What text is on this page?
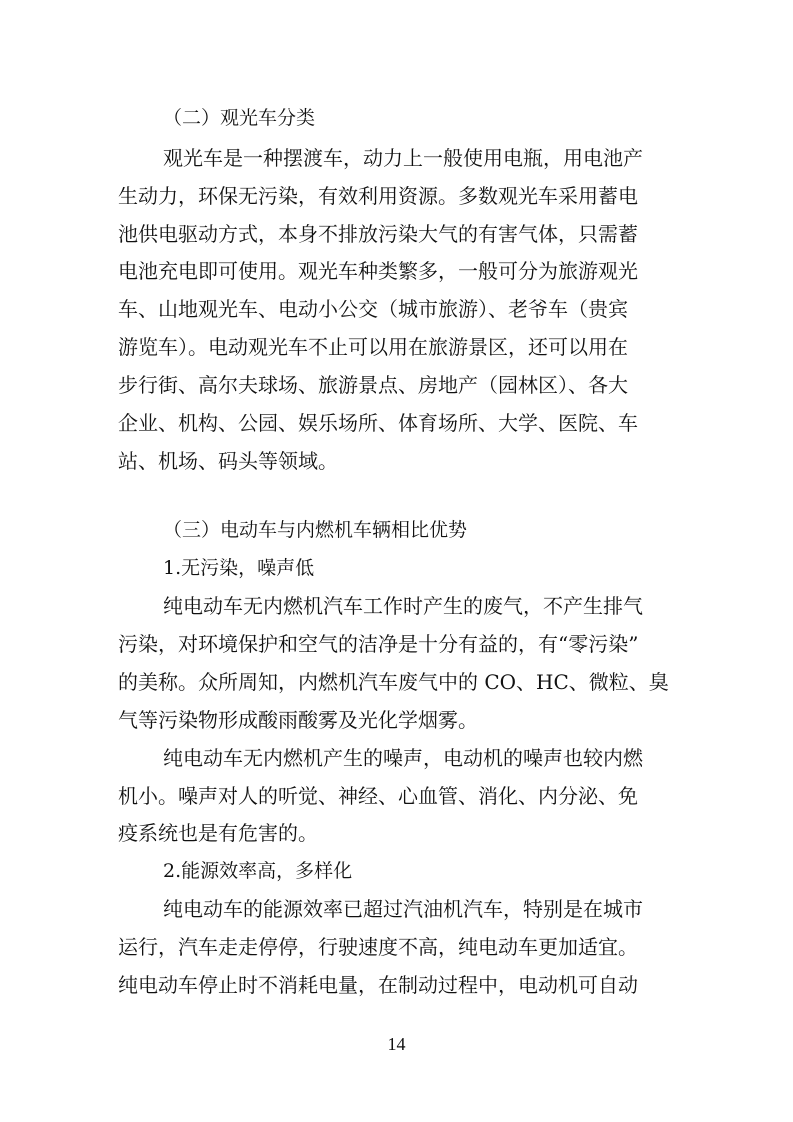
（二）观光车分类
观光车是一种摆渡车，动力上一般使用电瓶，用电池产
生动力，环保无污染，有效利用资源。多数观光车采用蓄电
池供电驱动方式，本身不排放污染大气的有害气体，只需蓄
电池充电即可使用。观光车种类繁多，一般可分为旅游观光
车、山地观光车、电动小公交（城市旅游）、老爷车（贵宾
游览车）。电动观光车不止可以用在旅游景区，还可以用在
步行街、高尔夫球场、旅游景点、房地产（园林区）、各大
企业、机构、公园、娱乐场所、体育场所、大学、医院、车
站、机场、码头等领域。
（三）电动车与内燃机车辆相比优势
1.无污染，噪声低
纯电动车无内燃机汽车工作时产生的废气，不产生排气
污染，对环境保护和空气的洁净是十分有益的，有“零污染”
的美称。众所周知，内燃机汽车废气中的 CO、HC、微粒、臭
气等污染物形成酸雨酸雾及光化学烟雾。
纯电动车无内燃机产生的噪声，电动机的噪声也较内燃
机小。噪声对人的听觉、神经、心血管、消化、内分泌、免
疫系统也是有危害的。
2.能源效率高，多样化
纯电动车的能源效率已超过汽油机汽车，特别是在城市
运行，汽车走走停停，行驶速度不高，纯电动车更加适宜。
纯电动车停止时不消耗电量，在制动过程中，电动机可自动
14
